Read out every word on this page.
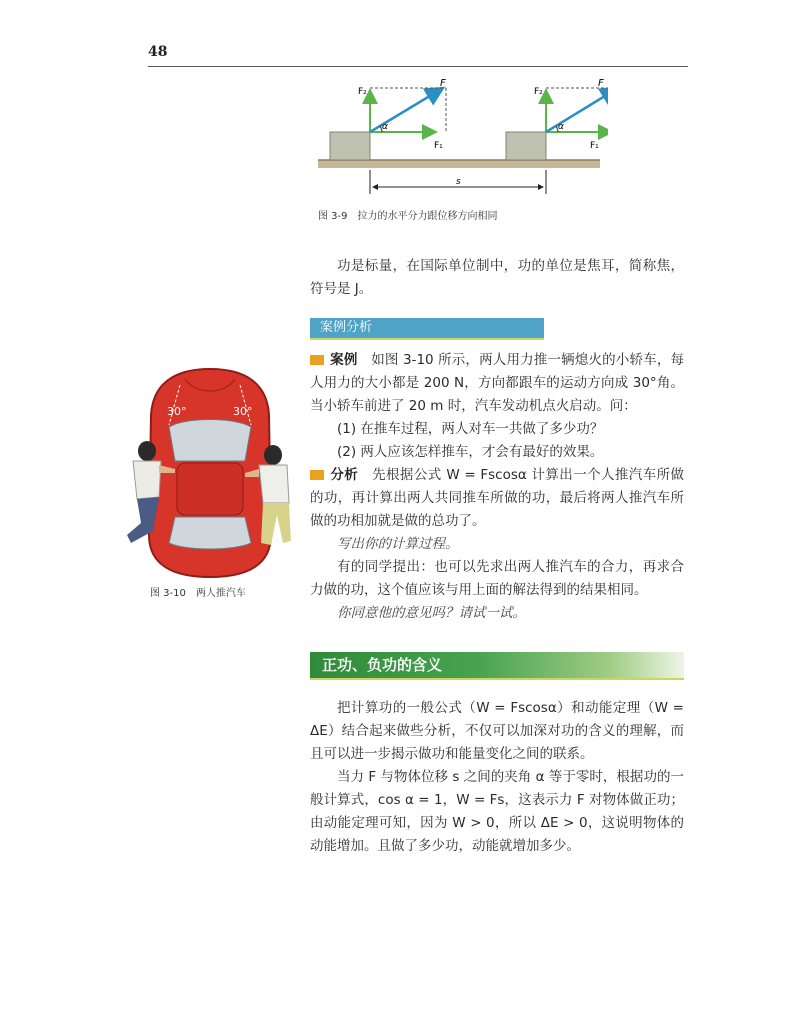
48
F₂
F
F₁
α
F₂
F
F₁
α
s
图 3-9　拉力的水平分力跟位移方向相同
功是标量，在国际单位制中，功的单位是焦耳，简称焦，符号是 J。
案例分析
30°	30°
图 3-10　两人推汽车
案例　 如图 3-10 所示，两人用力推一辆熄火的小轿车，每人用力的大小都是 200 N，方向都跟车的运动方向成 30°角。当小轿车前进了 20 m 时，汽车发动机点火启动。问：
(1) 在推车过程，两人对车一共做了多少功？
(2) 两人应该怎样推车，才会有最好的效果。
分析　 先根据公式 W = Fscosα 计算出一个人推汽车所做的功，再计算出两人共同推车所做的功，最后将两人推汽车所做的功相加就是做的总功了。
写出你的计算过程。
有的同学提出：也可以先求出两人推汽车的合力，再求合力做的功，这个值应该与用上面的解法得到的结果相同。
你同意他的意见吗？请试一试。
正功、负功的含义
把计算功的一般公式（W = Fscosα）和动能定理（W = ΔE）结合起来做些分析，不仅可以加深对功的含义的理解，而且可以进一步揭示做功和能量变化之间的联系。
当力 F 与物体位移 s 之间的夹角 α 等于零时，根据功的一般计算式，cos α = 1，W = Fs，这表示力 F 对物体做正功；由动能定理可知，因为 W > 0，所以 ΔE > 0，这说明物体的动能增加。且做了多少功，动能就增加多少。
